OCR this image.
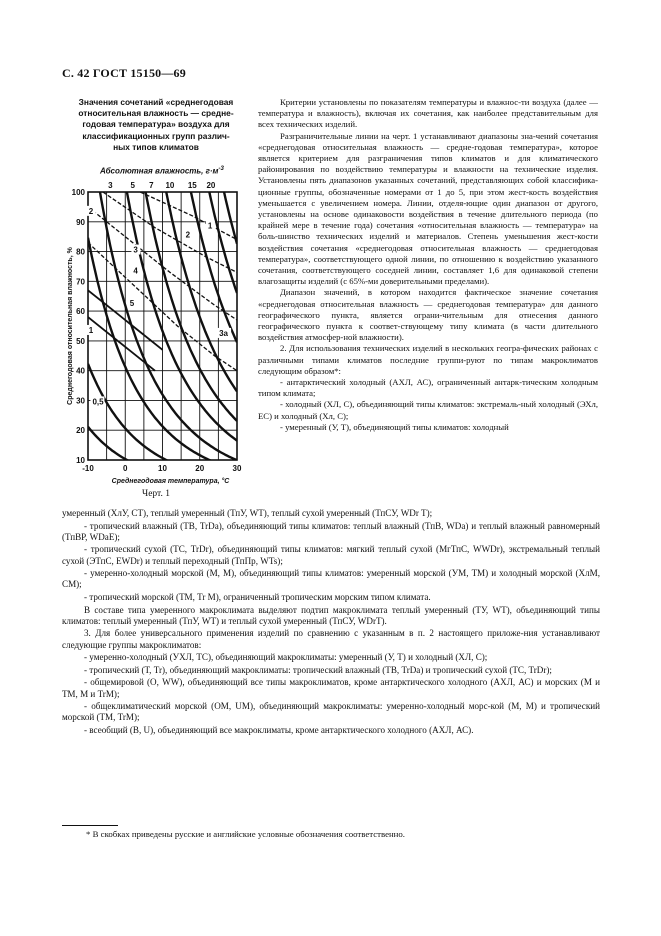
С. 42 ГОСТ 15150—69
Значения сочетаний «среднегодовая
относительная влажность — средне-
годовая температура» воздуха для
классификационных групп различ-
ных типов климатов
Абсолютная влажность, $г\cdot м^{-3}$
3 5 7 10 15 20
1
2
2
3
4
5
1	3а
0,5
10
20
30
40
50
60
70
80
90
100
-10	0	10	20	30
Среднегодовая относительная влажность, %
Среднегодовая температура, °С
Черт. 1

Критерии установлены по показателям температуры и влажнос-ти воздуха (далее — температура и влажность), включая их сочетания, как наиболее представительным для всех технических изделий.

Разграничительные линии на черт. 1 устанавливают диапазоны зна-чений сочетания «среднегодовая относительная влажность — средне-годовая температура», которое является критерием для разграничения типов климатов и для климатического районирования по воздействию температуры и влажности на технические изделия. Установлены пять диапазонов указанных сочетаний, представляющих собой классифика-ционные группы, обозначенные номерами от 1 до 5, при этом жест-кость воздействия уменьшается с увеличением номера. Линии, отделя-ющие один диапазон от другого, установлены на основе одинаковости воздействия в течение длительного периода (по крайней мере в течение года) сочетания «относительная влажность — температура» на боль-шинство технических изделий и материалов. Степень уменьшения жест-кости воздействия сочетания «среднегодовая относительная влажность — среднегодовая температура», соответствующего одной линии, по отношению к воздействию указанного сочетания, соответствующего соседней линии, составляет 1,6 для одинаковой степени влагозащиты изделий (с 65%-ми доверительными пределами).

Диапазон значений, в котором находится фактическое значение сочетания «среднегодовая относительная влажность — среднегодовая температура» для данного географического пункта, является ограни-чительным для отнесения данного географического пункта к соответ-ствующему типу климата (в части длительного воздействия атмосфер-ной влажности).

2. Для использования технических изделий в нескольких геогра-фических районах с различными типами климатов последние группи-руют по типам макроклиматов следующим образом*:

- антарктический холодный (АХЛ, АС), ограниченный антарк-тическим холодным типом климата;

- холодный (ХЛ, С), объединяющий типы климатов: экстремаль-ный холодный (ЭХл, ЕС) и холодный (Хл, С);

- умеренный (У, Т), объединяющий типы климатов: холодный

умеренный (ХлУ, СТ), теплый умеренный (ТпУ, WT), теплый сухой умеренный (ТпСУ, WDr T);

- тропический влажный (ТВ, TrDa), объединяющий типы климатов: теплый влажный (ТпВ, WDa) и теплый влажный равномерный (ТпВР, WDaE);

- тропический сухой (ТС, TrDr), объединяющий типы климатов: мягкий теплый сухой (МгТпС, WWDr), экстремальный теплый сухой (ЭТпС, EWDr) и теплый переходный (ТпПр, WTs);

- умеренно-холодный морской (М, М), объединяющий типы климатов: умеренный морской (УМ, ТМ) и холодный морской (ХлМ, СМ);

- тропический морской (ТМ, Tr M), ограниченный тропическим морским типом климата.

В составе типа умеренного макроклимата выделяют подтип макроклимата теплый умеренный (ТУ, WT), объединяющий типы климатов: теплый умеренный (ТпУ, WT) и теплый сухой умеренный (ТпСУ, WDrT).

3. Для более универсального применения изделий по сравнению с указанным в п. 2 настоящего приложе-ния устанавливают следующие группы макроклиматов:

- умеренно-холодный (УХЛ, ТС), объединяющий макроклиматы: умеренный (У, Т) и холодный (ХЛ, С);

- тропический (Т, Tr), объединяющий макроклиматы: тропический влажный (ТВ, TrDa) и тропический сухой (ТС, TrDr);

- общемировой (О, WW), объединяющий все типы макроклиматов, кроме антарктического холодного (АХЛ, АС) и морских (М и ТМ, М и TrM);

- общеклиматический морской (ОМ, UM), объединяющий макроклиматы: умеренно-холодный морс-кой (М, М) и тропический морской (ТМ, TrM);

- всеобщий (В, U), объединяющий все макроклиматы, кроме антарктического холодного (АХЛ, АС).

* В скобках приведены русские и английские условные обозначения соответственно.
